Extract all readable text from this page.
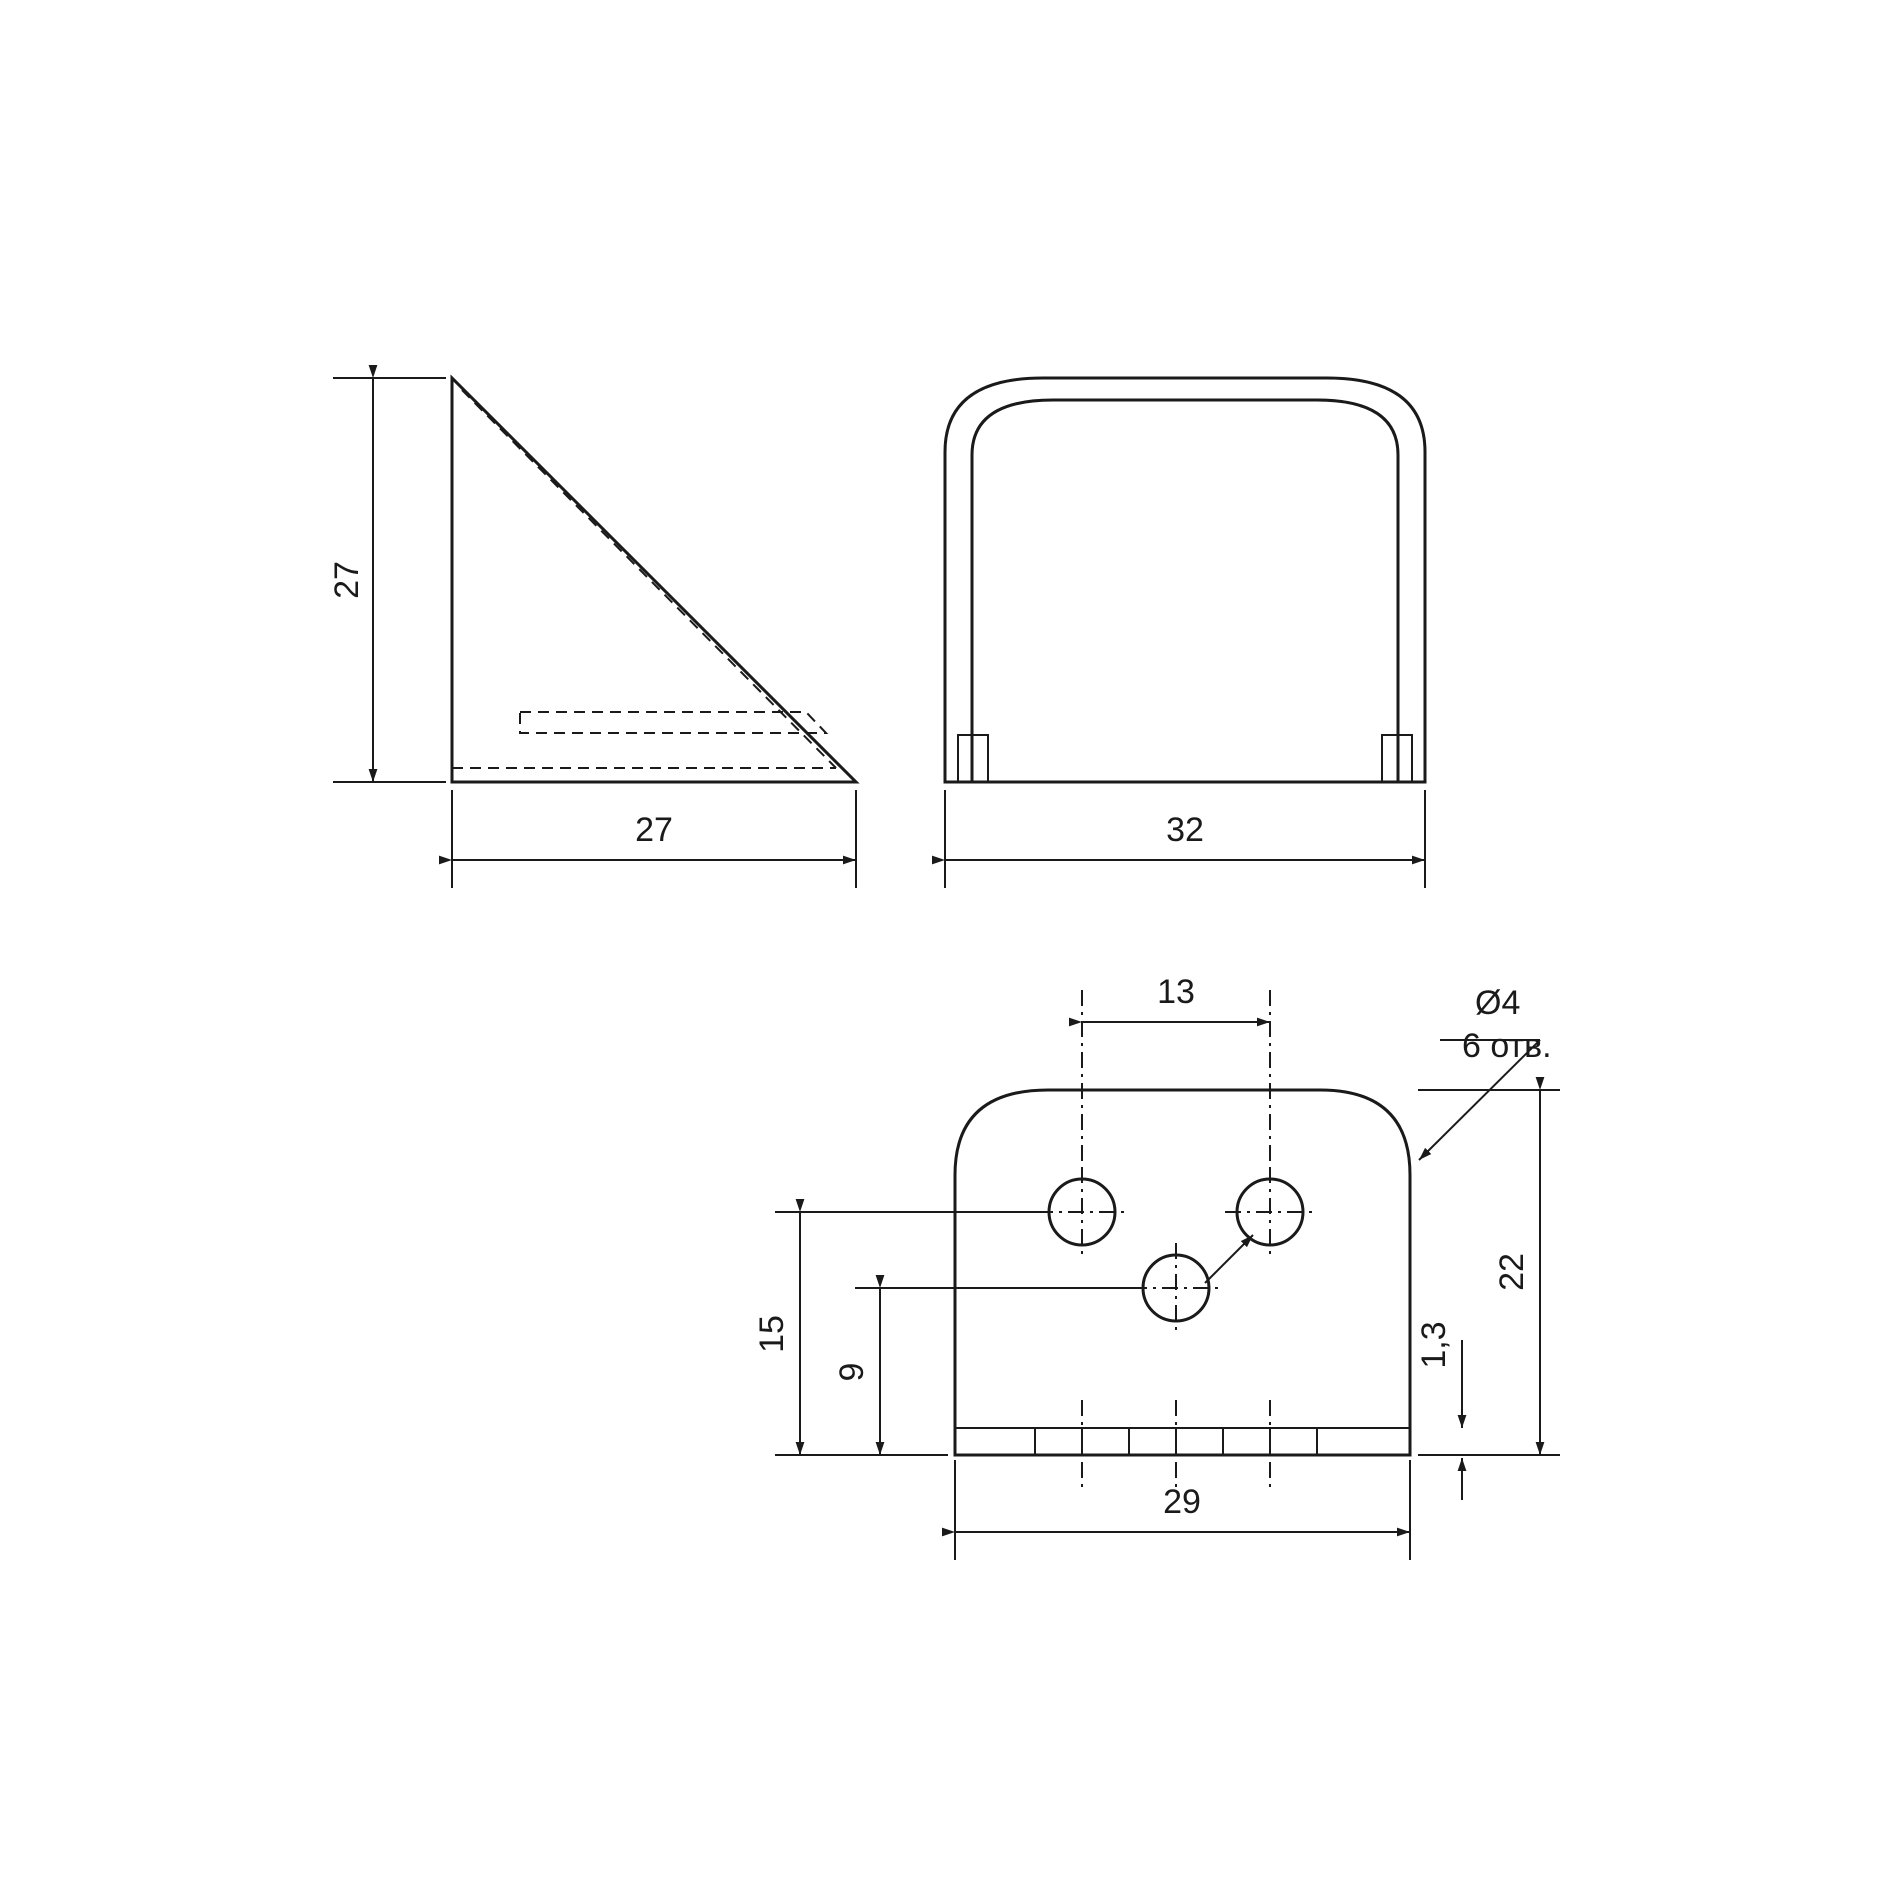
27
27	32
13	Ø4
6 отв.
22
1,3
15
9
29
